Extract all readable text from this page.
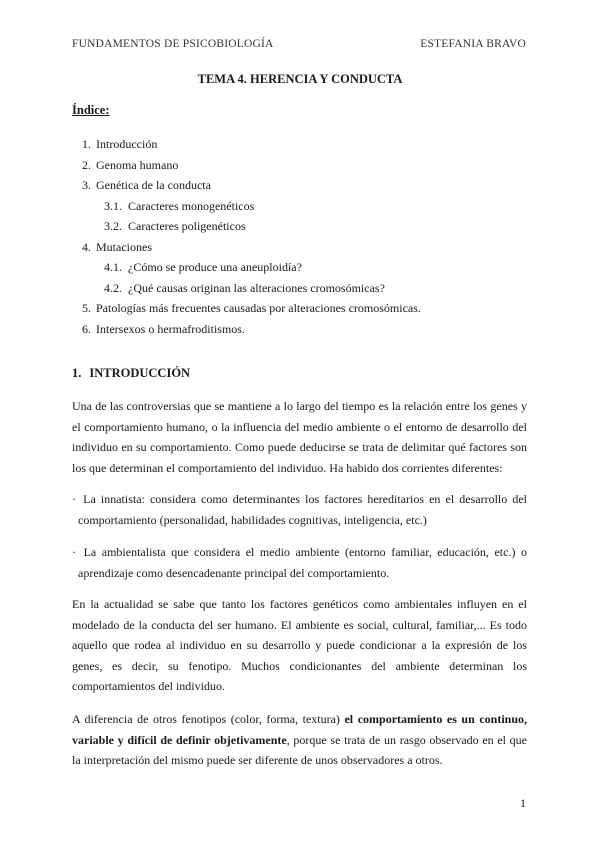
FUNDAMENTOS DE PSICOBIOLOGÍA	ESTEFANIA BRAVO
TEMA 4. HERENCIA Y CONDUCTA
Índice:
1. Introducción
2. Genoma humano
3. Genética de la conducta
3.1. Caracteres monogenéticos
3.2. Caracteres poligenéticos
4. Mutaciones
4.1. ¿Cómo se produce una aneuploidía?
4.2. ¿Qué causas originan las alteraciones cromosómicas?
5. Patologías más frecuentes causadas por alteraciones cromosómicas.
6. Intersexos o hermafroditismos.
1. INTRODUCCIÓN

Una de las controversias que se mantiene a lo largo del tiempo es la relación entre los genes y el comportamiento humano, o la influencia del medio ambiente o el entorno de desarrollo del individuo en su comportamiento. Como puede deducirse se trata de delimitar qué factores son los que determinan el comportamiento del individuo. Ha habido dos corrientes diferentes:

· La innatista: considera como determinantes los factores hereditarios en el desarrollo del comportamiento (personalidad, habilidades cognitivas, inteligencia, etc.)

· La ambientalista que considera el medio ambiente (entorno familiar, educación, etc.) o aprendizaje como desencadenante principal del comportamiento.

En la actualidad se sabe que tanto los factores genéticos como ambientales influyen en el modelado de la conducta del ser humano. El ambiente es social, cultural, familiar,... Es todo aquello que rodea al individuo en su desarrollo y puede condicionar a la expresión de los genes, es decir, su fenotipo. Muchos condicionantes del ambiente determinan los comportamientos del individuo.

A diferencia de otros fenotipos (color, forma, textura) el comportamiento es un continuo, variable y difícil de definir objetivamente, porque se trata de un rasgo observado en el que la interpretación del mismo puede ser diferente de unos observadores a otros.

1
